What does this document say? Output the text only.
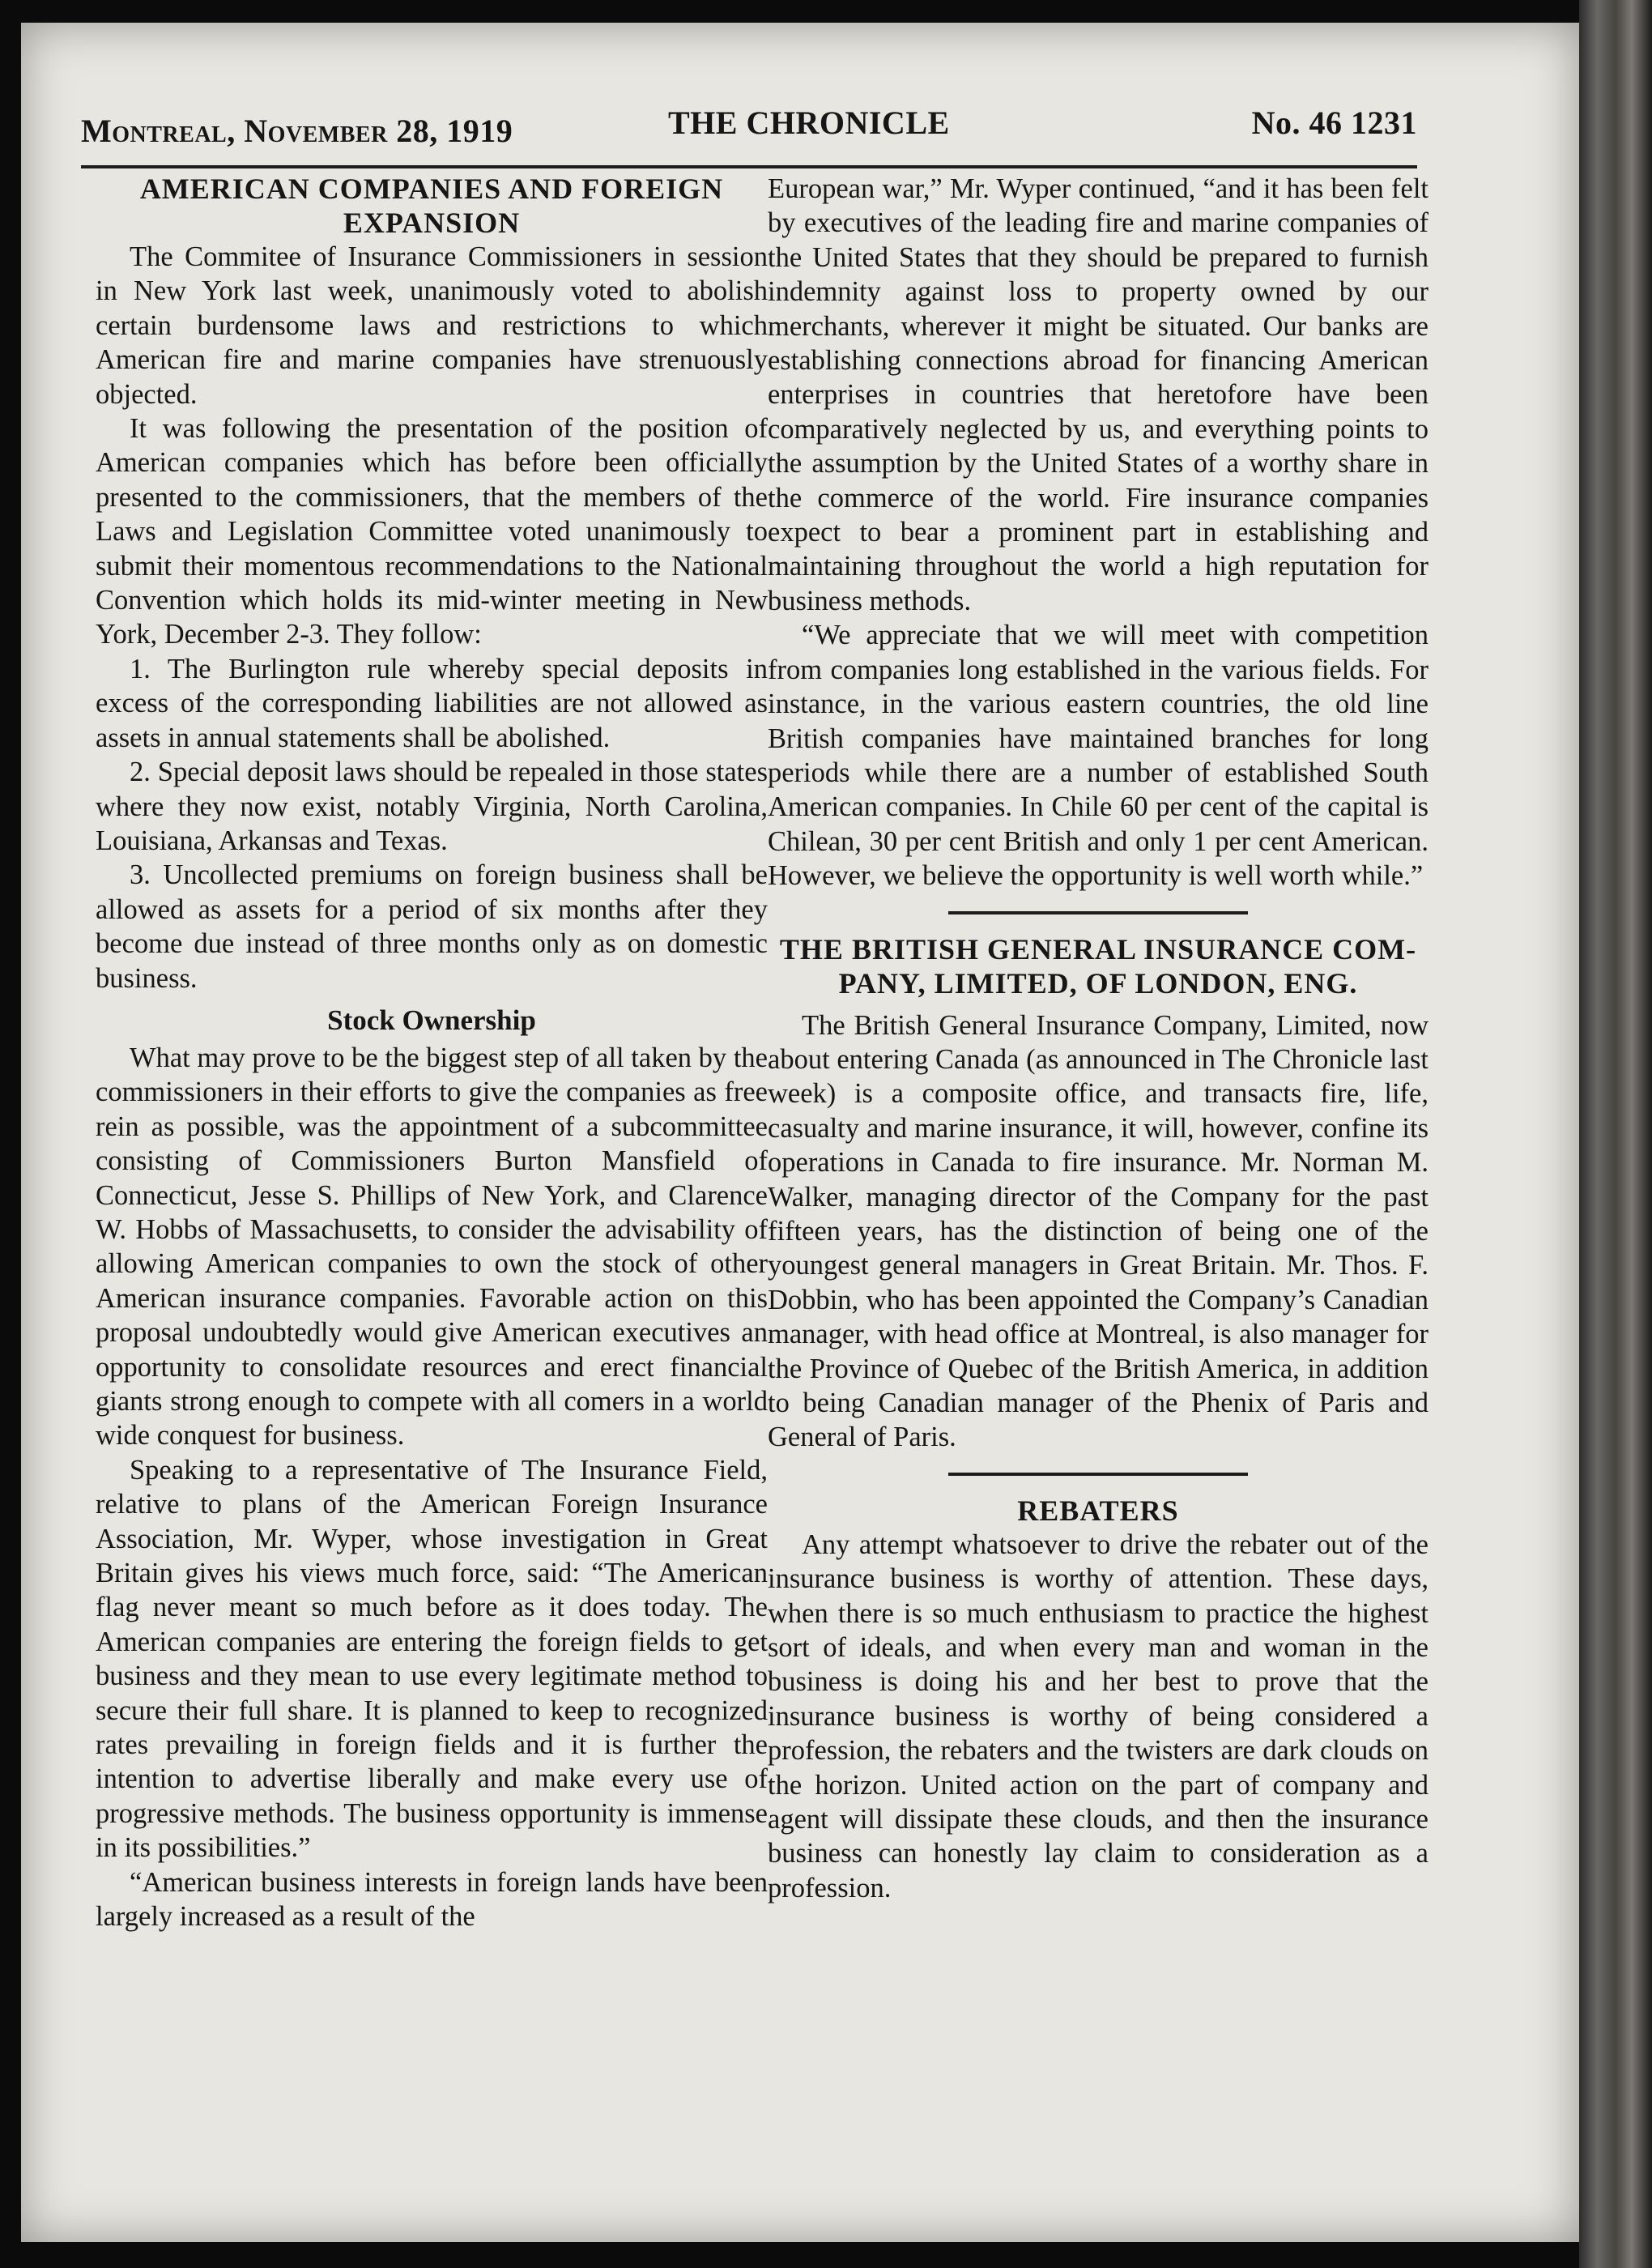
Montreal, November 28, 1919	THE CHRONICLE	No. 46 1231
AMERICAN COMPANIES AND FOREIGN
EXPANSION

The Commitee of Insurance Commissioners in session in New York last week, unanimously voted to abolish certain burdensome laws and restrictions to which American fire and marine companies have strenuously objected.

It was following the presentation of the position of American companies which has before been officially presented to the commissioners, that the members of the Laws and Legislation Committee voted unanimously to submit their momentous recommendations to the National Convention which holds its mid-winter meeting in New York, December 2-3. They follow:

1. The Burlington rule whereby special deposits in excess of the corresponding liabilities are not allowed as assets in annual statements shall be abolished.

2. Special deposit laws should be repealed in those states where they now exist, notably Virginia, North Carolina, Louisiana, Arkansas and Texas.

3. Uncollected premiums on foreign business shall be allowed as assets for a period of six months after they become due instead of three months only as on domestic business.

Stock Ownership

What may prove to be the biggest step of all taken by the commissioners in their efforts to give the companies as free rein as possible, was the appointment of a subcommittee consisting of Commissioners Burton Mansfield of Connecticut, Jesse S. Phillips of New York, and Clarence W. Hobbs of Massachusetts, to consider the advisability of allowing American companies to own the stock of other American insurance companies. Favorable action on this proposal undoubtedly would give American executives an opportunity to consolidate resources and erect financial giants strong enough to compete with all comers in a world wide conquest for business.

Speaking to a representative of The Insurance Field, relative to plans of the American Foreign Insurance Association, Mr. Wyper, whose investigation in Great Britain gives his views much force, said: “The American flag never meant so much before as it does today. The American companies are entering the foreign fields to get business and they mean to use every legitimate method to secure their full share. It is planned to keep to recognized rates prevailing in foreign fields and it is further the intention to advertise liberally and make every use of progressive methods. The business opportunity is immense in its possibilities.”

“American business interests in foreign lands have been largely increased as a result of the

European war,” Mr. Wyper continued, “and it has been felt by executives of the leading fire and marine companies of the United States that they should be prepared to furnish indemnity against loss to property owned by our merchants, wherever it might be situated. Our banks are establishing connections abroad for financing American enterprises in countries that heretofore have been comparatively neglected by us, and everything points to the assumption by the United States of a worthy share in the commerce of the world. Fire insurance companies expect to bear a prominent part in establishing and maintaining throughout the world a high reputation for business methods.

“We appreciate that we will meet with competition from companies long established in the various fields. For instance, in the various eastern countries, the old line British companies have maintained branches for long periods while there are a number of established South American companies. In Chile 60 per cent of the capital is Chilean, 30 per cent British and only 1 per cent American. However, we believe the opportunity is well worth while.”

THE BRITISH GENERAL INSURANCE COM-
PANY, LIMITED, OF LONDON, ENG.

The British General Insurance Company, Limited, now about entering Canada (as announced in The Chronicle last week) is a composite office, and transacts fire, life, casualty and marine insurance, it will, however, confine its operations in Canada to fire insurance. Mr. Norman M. Walker, managing director of the Company for the past fifteen years, has the distinction of being one of the youngest general managers in Great Britain. Mr. Thos. F. Dobbin, who has been appointed the Company’s Canadian manager, with head office at Montreal, is also manager for the Province of Quebec of the British America, in addition to being Canadian manager of the Phenix of Paris and General of Paris.

REBATERS

Any attempt whatsoever to drive the rebater out of the insurance business is worthy of attention. These days, when there is so much enthusiasm to practice the highest sort of ideals, and when every man and woman in the business is doing his and her best to prove that the insurance business is worthy of being considered a profession, the rebaters and the twisters are dark clouds on the horizon. United action on the part of company and agent will dissipate these clouds, and then the insurance business can honestly lay claim to consideration as a profession.
